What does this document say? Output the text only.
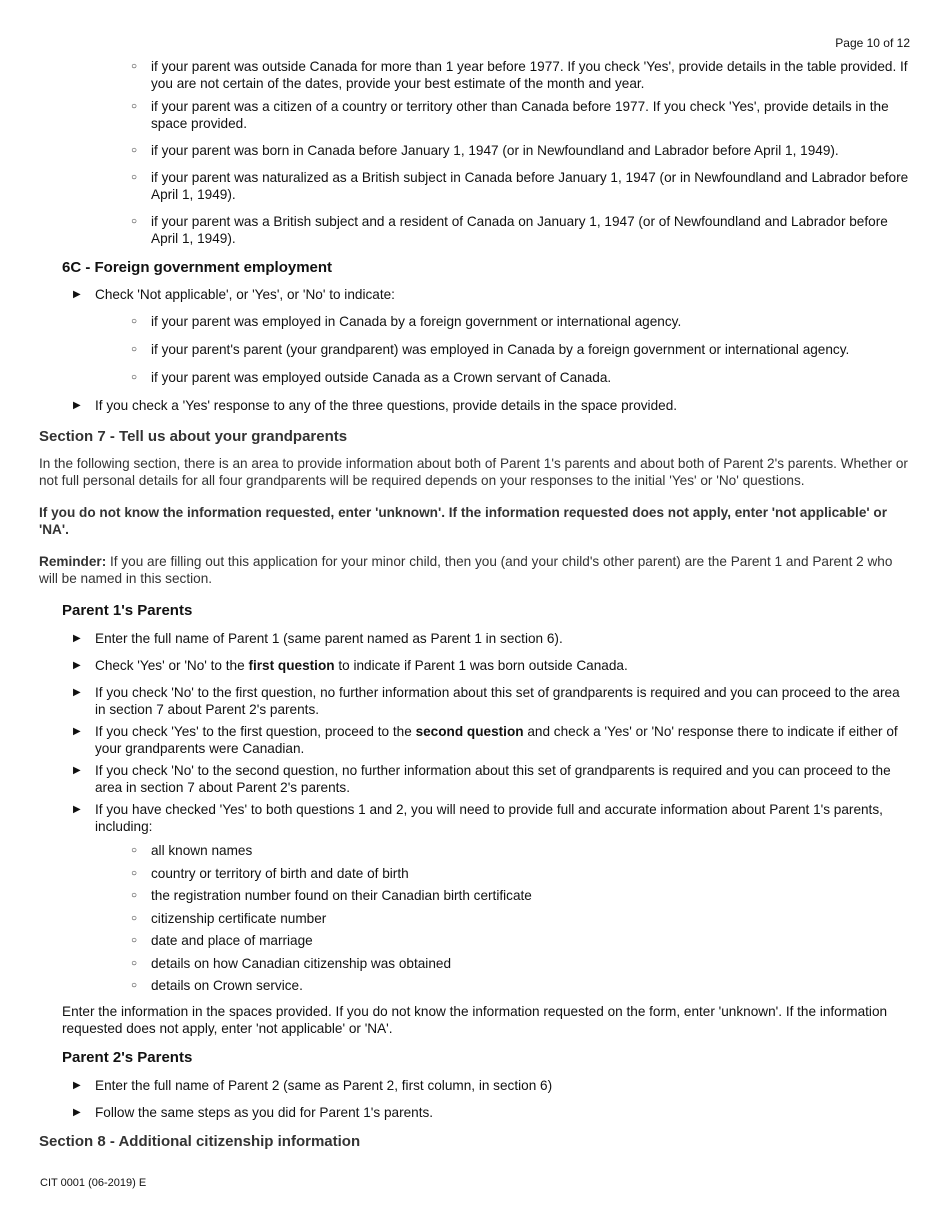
Page 10 of 12
○ if your parent was outside Canada for more than 1 year before 1977. If you check 'Yes', provide details in the table provided. If you are not certain of the dates, provide your best estimate of the month and year.
○ if your parent was a citizen of a country or territory other than Canada before 1977. If you check 'Yes', provide details in the space provided.
○ if your parent was born in Canada before January 1, 1947 (or in Newfoundland and Labrador before April 1, 1949).
○ if your parent was naturalized as a British subject in Canada before January 1, 1947 (or in Newfoundland and Labrador before April 1, 1949).
○ if your parent was a British subject and a resident of Canada on January 1, 1947 (or of Newfoundland and Labrador before April 1, 1949).
6C - Foreign government employment
▶ Check 'Not applicable', or 'Yes', or 'No' to indicate:
○ if your parent was employed in Canada by a foreign government or international agency.
○ if your parent's parent (your grandparent) was employed in Canada by a foreign government or international agency.
○ if your parent was employed outside Canada as a Crown servant of Canada.
▶ If you check a 'Yes' response to any of the three questions, provide details in the space provided.
Section 7 - Tell us about your grandparents
In the following section, there is an area to provide information about both of Parent 1's parents and about both of Parent 2's parents. Whether or not full personal details for all four grandparents will be required depends on your responses to the initial 'Yes' or 'No' questions.
If you do not know the information requested, enter 'unknown'. If the information requested does not apply, enter 'not applicable' or 'NA'.
Reminder: If you are filling out this application for your minor child, then you (and your child's other parent) are the Parent 1 and Parent 2 who will be named in this section.
Parent 1's Parents
▶ Enter the full name of Parent 1 (same parent named as Parent 1 in section 6).
▶ Check 'Yes' or 'No' to the first question to indicate if Parent 1 was born outside Canada.
▶ If you check 'No' to the first question, no further information about this set of grandparents is required and you can proceed to the area in section 7 about Parent 2's parents.
▶ If you check 'Yes' to the first question, proceed to the second question and check a 'Yes' or 'No' response there to indicate if either of your grandparents were Canadian.
▶ If you check 'No' to the second question, no further information about this set of grandparents is required and you can proceed to the area in section 7 about Parent 2's parents.
▶ If you have checked 'Yes' to both questions 1 and 2, you will need to provide full and accurate information about Parent 1's parents, including:
○ all known names
○ country or territory of birth and date of birth
○ the registration number found on their Canadian birth certificate
○ citizenship certificate number
○ date and place of marriage
○ details on how Canadian citizenship was obtained
○ details on Crown service.
Enter the information in the spaces provided. If you do not know the information requested on the form, enter 'unknown'. If the information requested does not apply, enter 'not applicable' or 'NA'.
Parent 2's Parents
▶ Enter the full name of Parent 2 (same as Parent 2, first column, in section 6)
▶ Follow the same steps as you did for Parent 1's parents.
Section 8 - Additional citizenship information
CIT 0001 (06-2019) E
